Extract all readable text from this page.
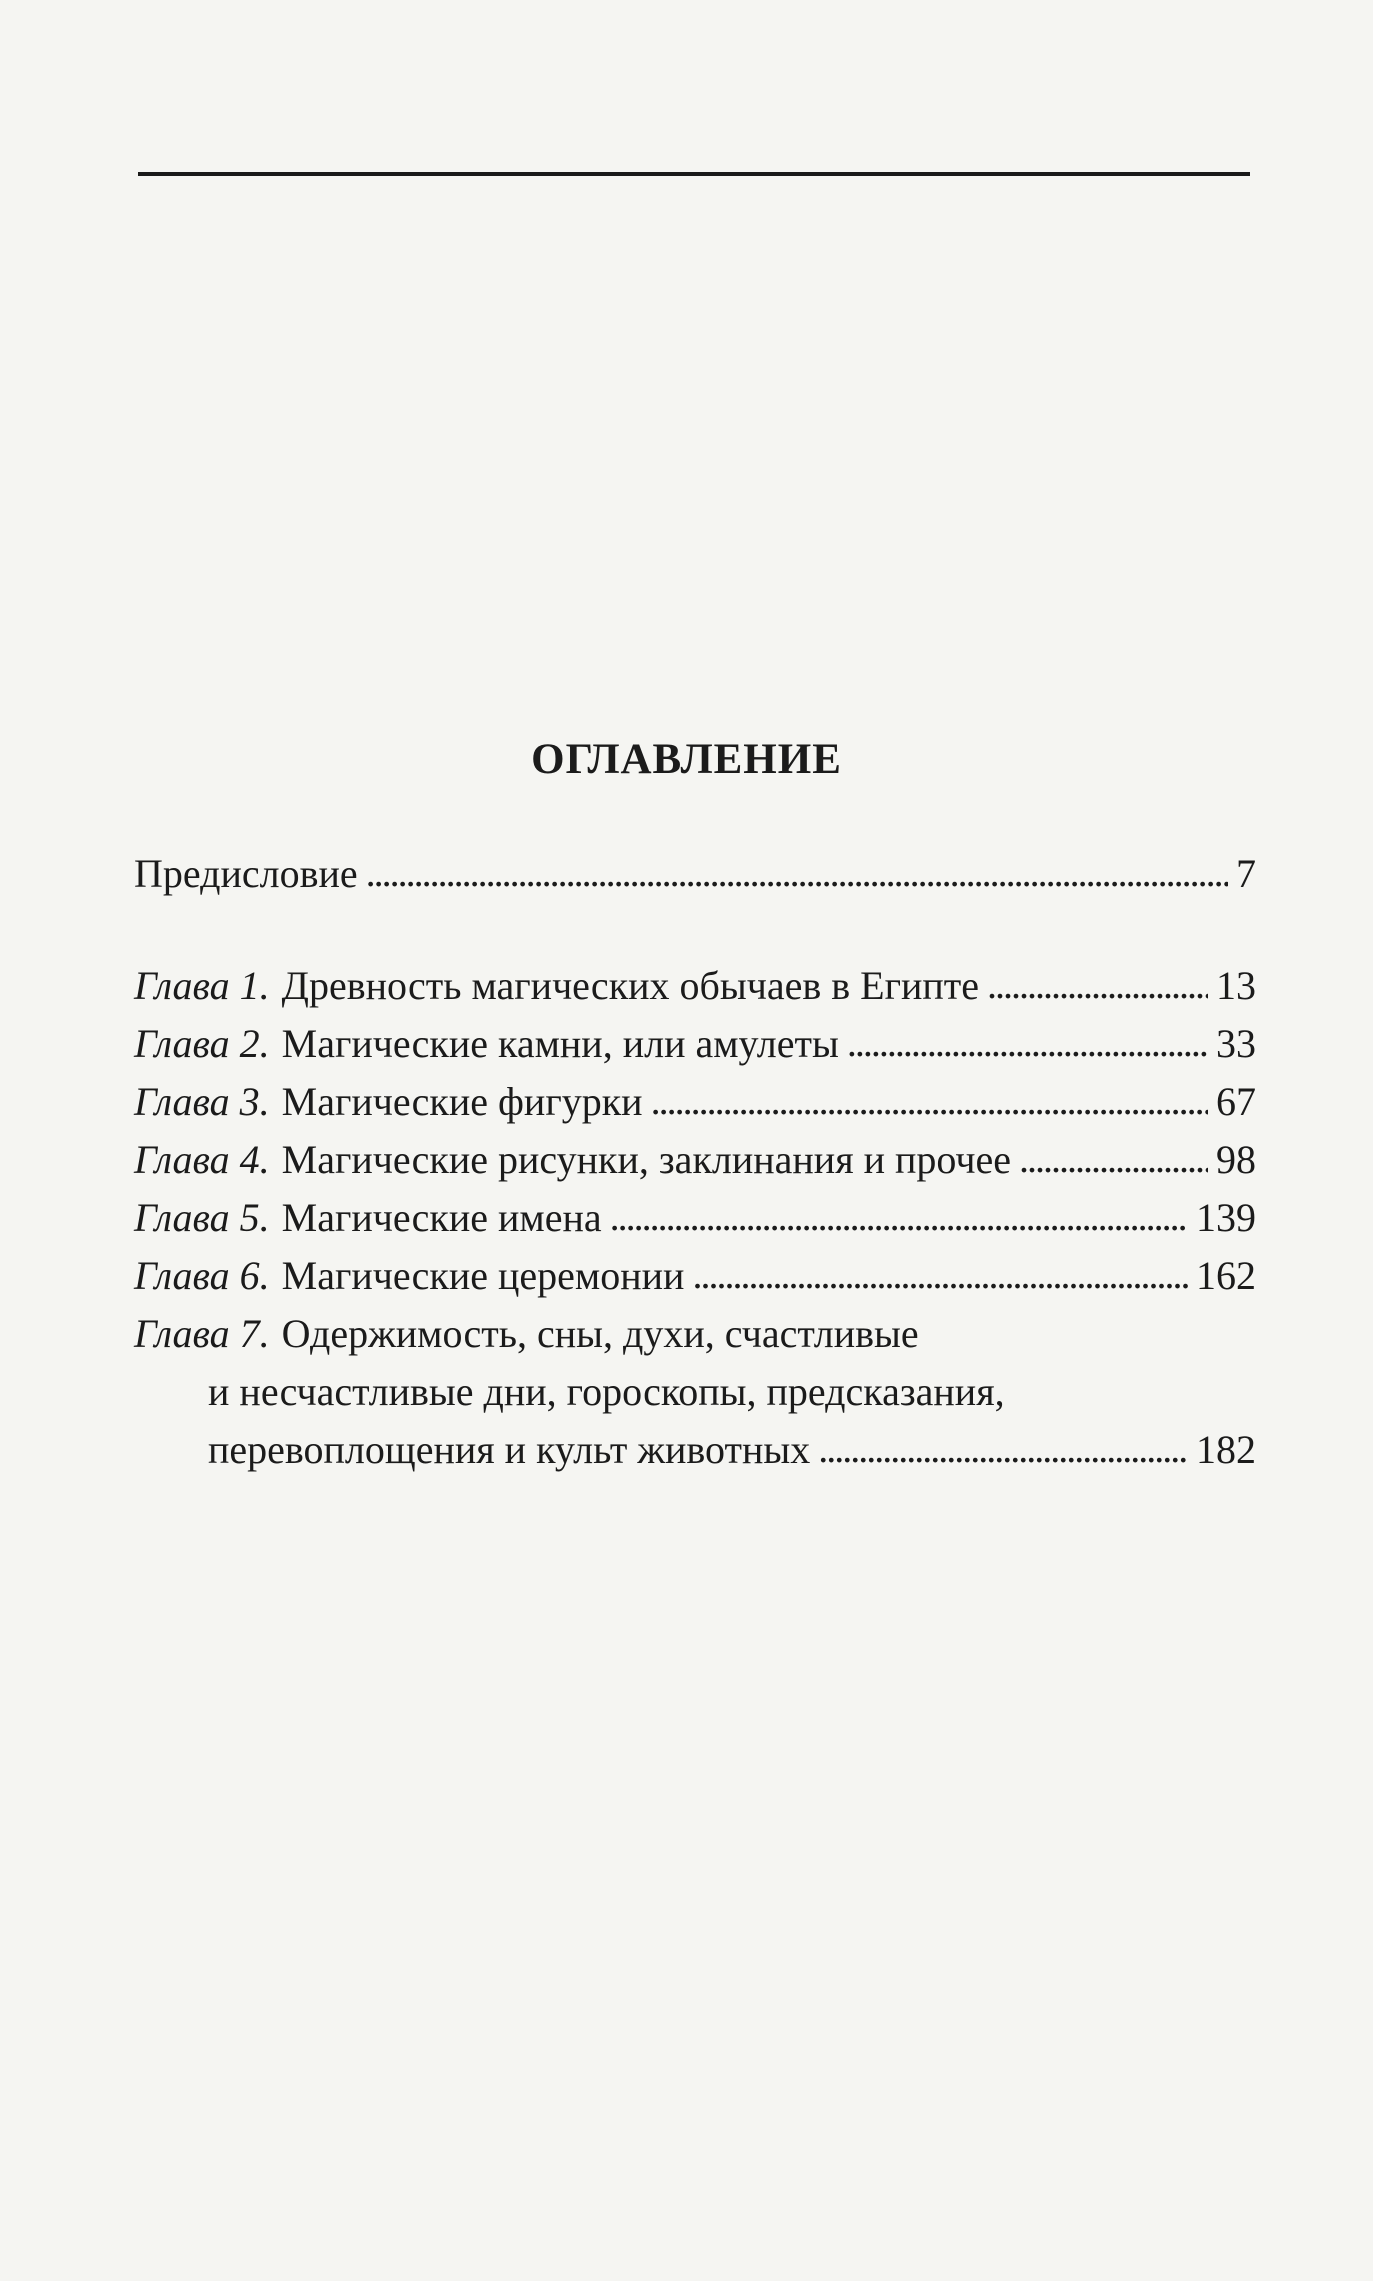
ОГЛАВЛЕНИЕ
Предисловие . . .	7
Глава 1. Древность магических обычаев в Египте . . .	13
Глава 2. Магические камни, или амулеты . . .	33
Глава 3. Магические фигурки . . .	67
Глава 4. Магические рисунки, заклинания и прочее . . .	98
Глава 5. Магические имена . . .	139
Глава 6. Магические церемонии . . .	162
Глава 7. Одержимость, сны, духи, счастливые
и несчастливые дни, гороскопы, предсказания,
перевоплощения и культ животных . . .	182
